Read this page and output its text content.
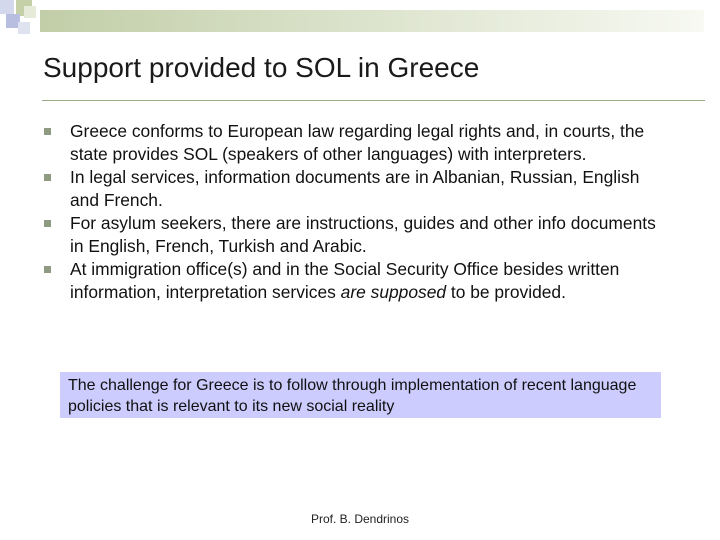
Support provided to SOL in Greece
Greece conforms to European law regarding legal rights and, in courts, the state provides SOL (speakers of other languages) with interpreters.
In legal services, information documents are in Albanian, Russian, English and French.
For asylum seekers, there are instructions, guides and other info documents in English, French, Turkish and Arabic.
At immigration office(s) and in the Social Security Office besides written information, interpretation services are supposed to be provided.
The challenge for Greece is to follow through implementation of recent language policies that is relevant to its new social reality
Prof. B. Dendrinos
